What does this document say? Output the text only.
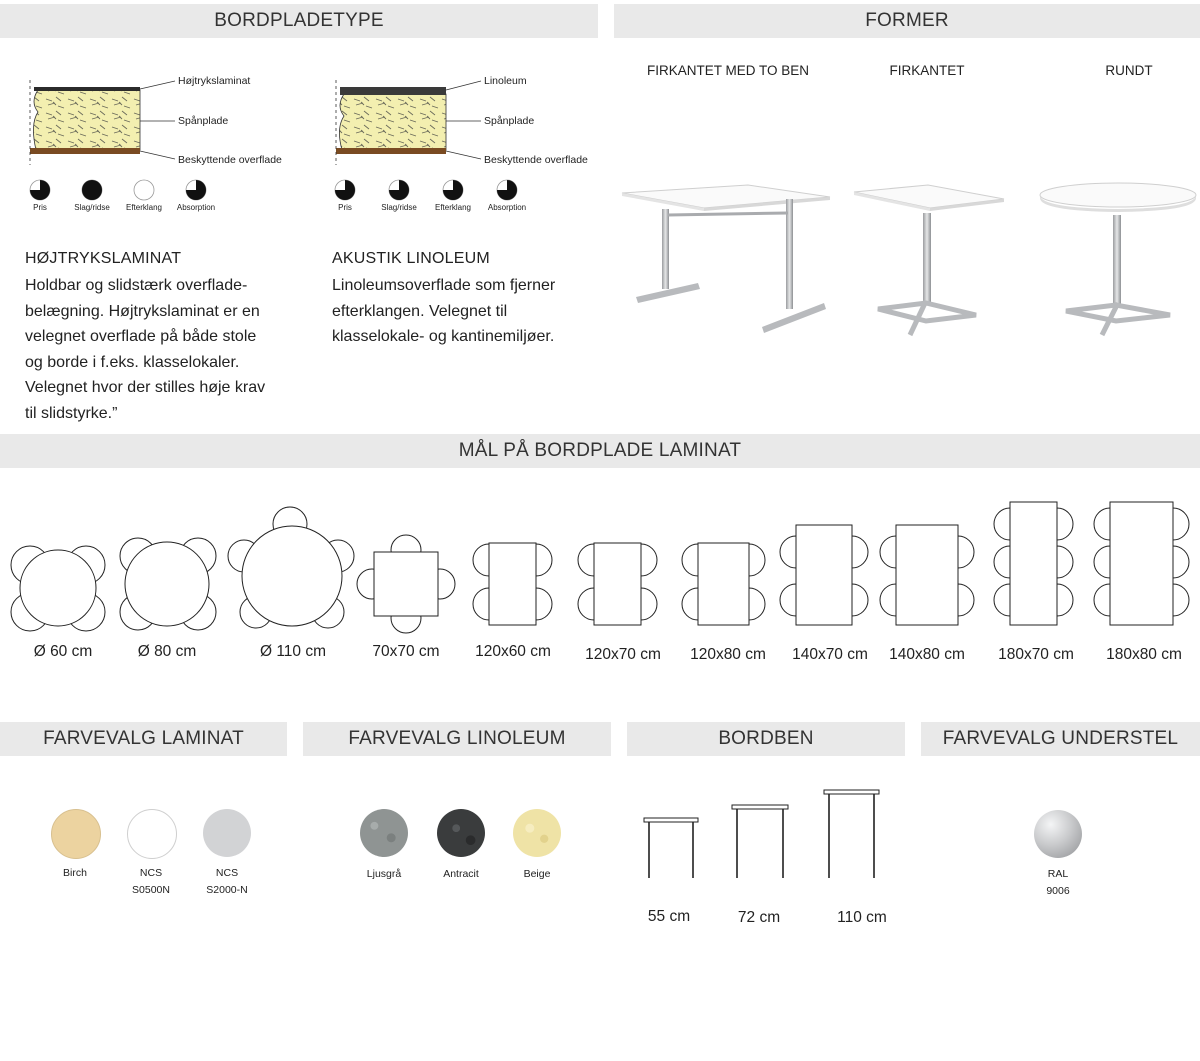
BORDPLADETYPE	FORMER
Højtrykslaminat
Spånplade
Beskyttende overflade
Linoleum
Spånplade
Beskyttende overflade
Pris	Slag/ridse	Efterklang	Absorption	Pris	Slag/ridse	Efterklang	Absorption
HØJTRYKSLAMINAT
Holdbar og slidstærk overflade-
belægning. Højtrykslaminat er en
velegnet overflade på både stole
og borde i f.eks. klasselokaler.
Velegnet hvor der stilles høje krav
til slidstyrke.”
AKUSTIK LINOLEUM
Linoleumsoverflade som fjerner
efterklangen. Velegnet til
klasselokale- og kantinemiljøer.
FIRKANTET MED TO BEN	FIRKANTET	RUNDT
MÅL PÅ BORDPLADE LAMINAT
Ø 60 cm	Ø 80 cm	Ø 110 cm	70x70 cm	120x60 cm	120x70 cm	120x80 cm	140x70 cm	140x80 cm	180x70 cm	180x80 cm
FARVEVALG LAMINAT	FARVEVALG LINOLEUM	BORDBEN	FARVEVALG UNDERSTEL
Birch	NCS
S0500N
NCS
S2000-N
Ljusgrå	Antracit	Beige
55 cm	72 cm	110 cm
RAL
9006
